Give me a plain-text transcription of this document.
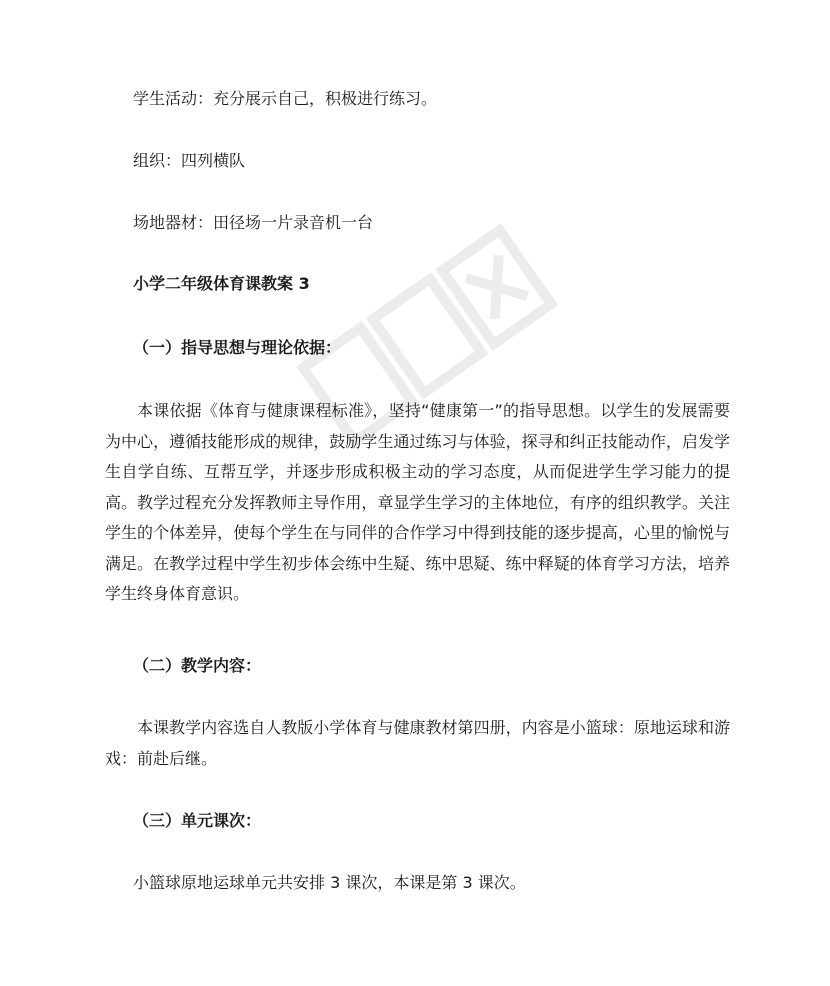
学生活动：充分展示自己，积极进行练习。
组织：四列横队
场地器材：田径场一片录音机一台
小学二年级体育课教案 3
（一）指导思想与理论依据：
本课依据《体育与健康课程标准》，坚持“健康第一”的指导思想。以学生的发展需要为中心，遵循技能形成的规律，鼓励学生通过练习与体验，探寻和纠正技能动作，启发学生自学自练、互帮互学，并逐步形成积极主动的学习态度，从而促进学生学习能力的提高。教学过程充分发挥教师主导作用，章显学生学习的主体地位，有序的组织教学。关注学生的个体差异，使每个学生在与同伴的合作学习中得到技能的逐步提高，心里的愉悦与满足。在教学过程中学生初步体会练中生疑、练中思疑、练中释疑的体育学习方法，培养学生终身体育意识。
（二）教学内容：
本课教学内容选自人教版小学体育与健康教材第四册，内容是小篮球：原地运球和游戏：前赴后继。
（三）单元课次：
小篮球原地运球单元共安排 3 课次，本课是第 3 课次。
